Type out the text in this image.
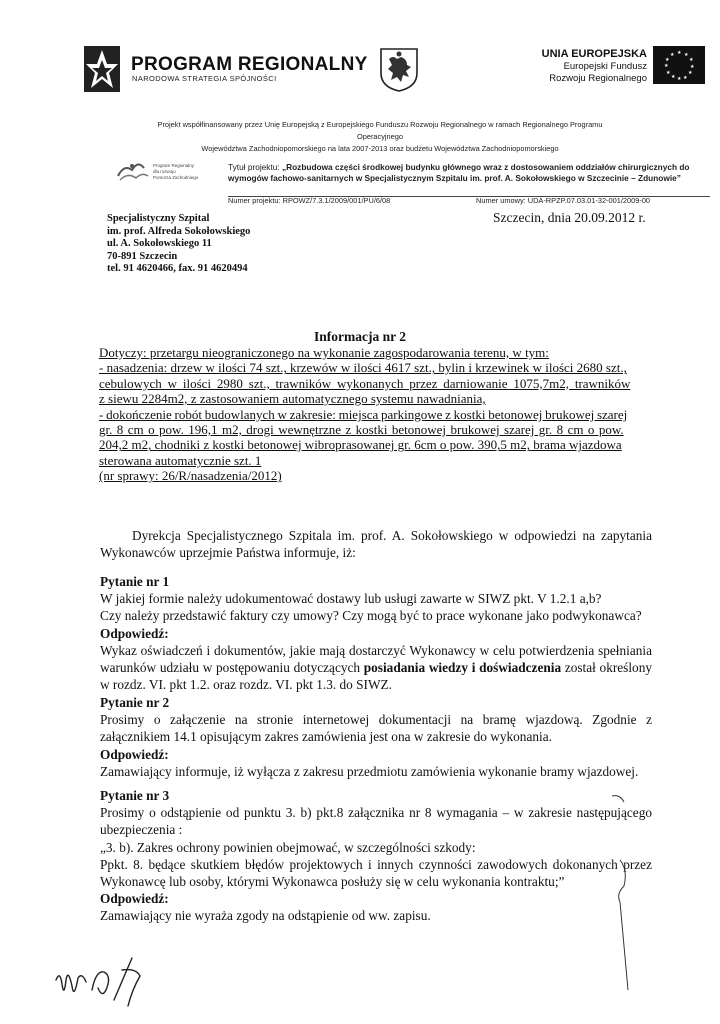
PROGRAM REGIONALNY
NARODOWA STRATEGIA SPÓJNOŚCI
UNIA EUROPEJSKA
Europejski Fundusz
Rozwoju Regionalnego
★ ★
★
★
★
★
★
★
★
★
★
★
Projekt współfinansowany przez Unię Europejską z Europejskiego Funduszu Rozwoju Regionalnego w ramach Regionalnego Programu
Operacyjnego
Województwa Zachodniopomorskiego na lata 2007-2013 oraz budżetu Województwa Zachodniopomorskiego
Program Regionalny
dla rozwoju
Pomorza Zachodniego
Tytuł projektu: „Rozbudowa części środkowej budynku głównego wraz z dostosowaniem oddziałów chirurgicznych do
wymogów fachowo-sanitarnych w Specjalistycznym Szpitalu im. prof. A. Sokołowskiego w Szczecinie – Zdunowie”
Numer projektu: RPOWZ/7.3.1/2009/001/PU/6/08	Numer umowy: UDA-RPZP.07.03.01-32-001/2009-00
Specjalistyczny Szpital
im. prof. Alfreda Sokołowskiego
ul. A. Sokołowskiego 11
70-891 Szczecin
tel. 91 4620466, fax. 91 4620494
Szczecin, dnia 20.09.2012 r.
Informacja nr 2
Dotyczy: przetargu nieograniczonego na wykonanie zagospodarowania terenu, w tym:
- nasadzenia: drzew w ilości 74 szt., krzewów w ilości 4617 szt., bylin i krzewinek w ilości 2680 szt.,
cebulowych w ilości 2980 szt., trawników wykonanych przez darniowanie 1075,7m2, trawników
z siewu 2284m2, z zastosowaniem automatycznego systemu nawadniania,
- dokończenie robót budowlanych w zakresie: miejsca parkingowe z kostki betonowej brukowej szarej
gr. 8 cm o pow. 196,1 m2, drogi wewnętrzne z kostki betonowej brukowej szarej gr. 8 cm o pow.
204,2 m2, chodniki z kostki betonowej wibroprasowanej gr. 6cm o pow. 390,5 m2, brama wjazdowa
sterowana automatycznie szt. 1
(nr sprawy: 26/R/nasadzenia/2012)
Dyrekcja Specjalistycznego Szpitala im. prof. A. Sokołowskiego w odpowiedzi na zapytania Wykonawców uprzejmie Państwa informuje, iż:
Pytanie nr 1
W jakiej formie należy udokumentować dostawy lub usługi zawarte w SIWZ pkt. V 1.2.1 a,b?
Czy należy przedstawić faktury czy umowy? Czy mogą być to prace wykonane jako podwykonawca?
Odpowiedź:
Wykaz oświadczeń i dokumentów, jakie mają dostarczyć Wykonawcy w celu potwierdzenia spełniania warunków udziału w postępowaniu dotyczących posiadania wiedzy i doświadczenia został określony w rozdz. VI. pkt 1.2. oraz rozdz. VI. pkt 1.3. do SIWZ.
Pytanie nr 2
Prosimy o załączenie na stronie internetowej dokumentacji na bramę wjazdową. Zgodnie z załącznikiem 14.1 opisującym zakres zamówienia jest ona w zakresie do wykonania.
Odpowiedź:
Zamawiający informuje, iż wyłącza z zakresu przedmiotu zamówienia wykonanie bramy wjazdowej.
Pytanie nr 3
Prosimy o odstąpienie od punktu 3. b) pkt.8 załącznika nr 8 wymagania – w zakresie następującego ubezpieczenia :
„3. b). Zakres ochrony powinien obejmować, w szczególności szkody:
Ppkt. 8. będące skutkiem błędów projektowych i innych czynności zawodowych dokonanych przez Wykonawcę lub osoby, którymi Wykonawca posłuży się w celu wykonania kontraktu;”
Odpowiedź:
Zamawiający nie wyraża zgody na odstąpienie od ww. zapisu.
